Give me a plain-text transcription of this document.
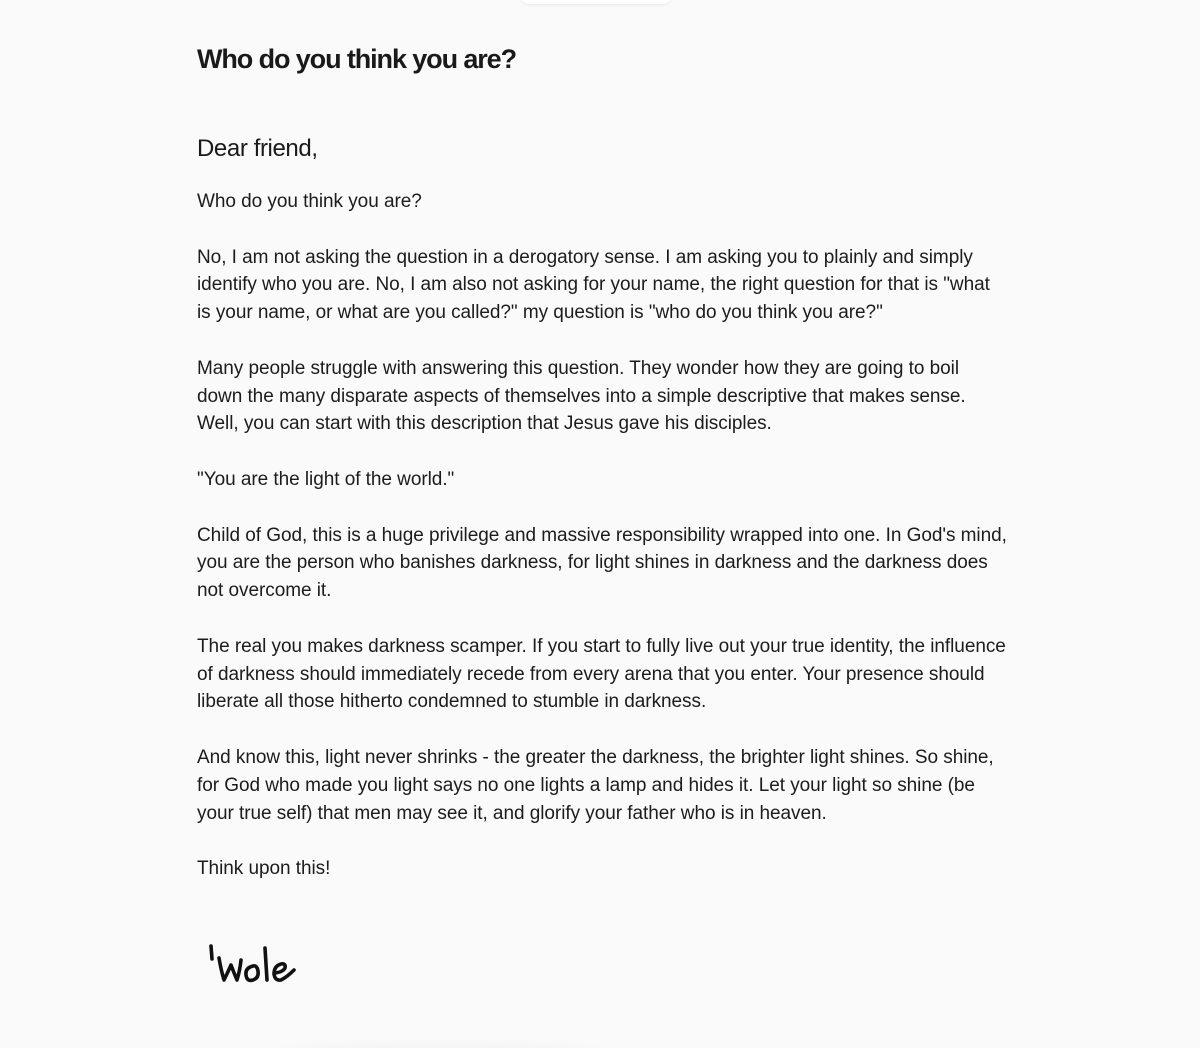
Who do you think you are?
Dear friend,

Who do you think you are?

No, I am not asking the question in a derogatory sense. I am asking you to plainly and simply identify who you are. No, I am also not asking for your name, the right question for that is "what is your name, or what are you called?" my question is "who do you think you are?"

Many people struggle with answering this question. They wonder how they are going to boil down the many disparate aspects of themselves into a simple descriptive that makes sense. Well, you can start with this description that Jesus gave his disciples.

"You are the light of the world."

Child of God, this is a huge privilege and massive responsibility wrapped into one. In God's mind, you are the person who banishes darkness, for light shines in darkness and the darkness does not overcome it.

The real you makes darkness scamper. If you start to fully live out your true identity, the influence of darkness should immediately recede from every arena that you enter. Your presence should liberate all those hitherto condemned to stumble in darkness.

And know this, light never shrinks - the greater the darkness, the brighter light shines. So shine, for God who made you light says no one lights a lamp and hides it. Let your light so shine (be your true self) that men may see it, and glorify your father who is in heaven.

Think upon this!
